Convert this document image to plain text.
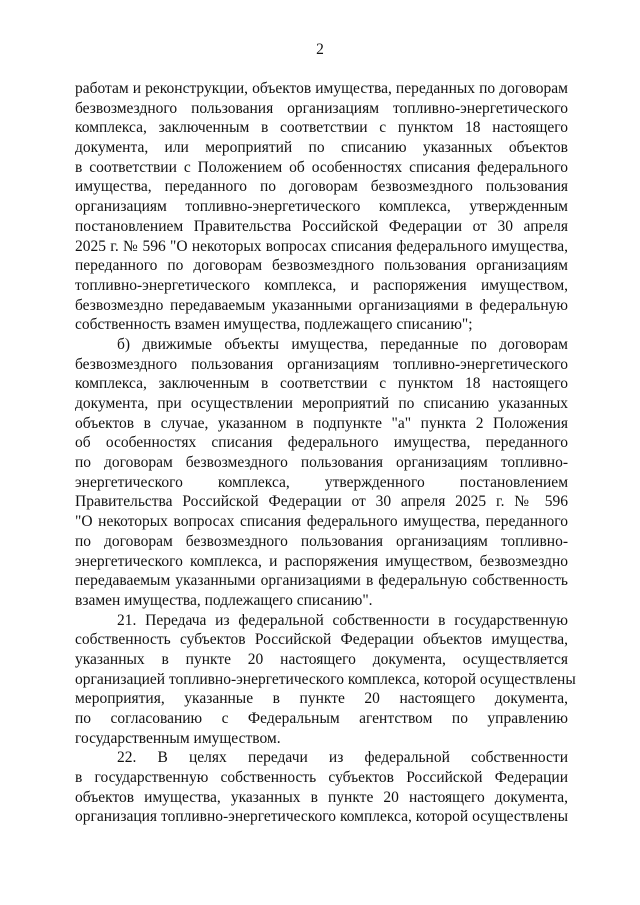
2
работам и реконструкции, объектов имущества, переданных по договорам
безвозмездного пользования организациям топливно-энергетического
комплекса, заключенным в соответствии с пунктом 18 настоящего
документа, или мероприятий по списанию указанных объектов
в соответствии с Положением об особенностях списания федерального
имущества, переданного по договорам безвозмездного пользования
организациям топливно-энергетического комплекса, утвержденным
постановлением Правительства Российской Федерации от 30 апреля
2025 г. № 596 "О некоторых вопросах списания федерального имущества,
переданного по договорам безвозмездного пользования организациям
топливно-энергетического комплекса, и распоряжения имуществом,
безвозмездно передаваемым указанными организациями в федеральную
собственность взамен имущества, подлежащего списанию";
б) движимые объекты имущества, переданные по договорам
безвозмездного пользования организациям топливно-энергетического
комплекса, заключенным в соответствии с пунктом 18 настоящего
документа, при осуществлении мероприятий по списанию указанных
объектов в случае, указанном в подпункте "а" пункта 2 Положения
об особенностях списания федерального имущества, переданного
по договорам безвозмездного пользования организациям топливно-
энергетического комплекса, утвержденного постановлением
Правительства Российской Федерации от 30 апреля 2025 г. № 596
"О некоторых вопросах списания федерального имущества, переданного
по договорам безвозмездного пользования организациям топливно-
энергетического комплекса, и распоряжения имуществом, безвозмездно
передаваемым указанными организациями в федеральную собственность
взамен имущества, подлежащего списанию".
21. Передача из федеральной собственности в государственную
собственность субъектов Российской Федерации объектов имущества,
указанных в пункте 20 настоящего документа, осуществляется
организацией топливно-энергетического комплекса, которой осуществлены
мероприятия, указанные в пункте 20 настоящего документа,
по согласованию с Федеральным агентством по управлению
государственным имуществом.
22. В целях передачи из федеральной собственности
в государственную собственность субъектов Российской Федерации
объектов имущества, указанных в пункте 20 настоящего документа,
организация топливно-энергетического комплекса, которой осуществлены
